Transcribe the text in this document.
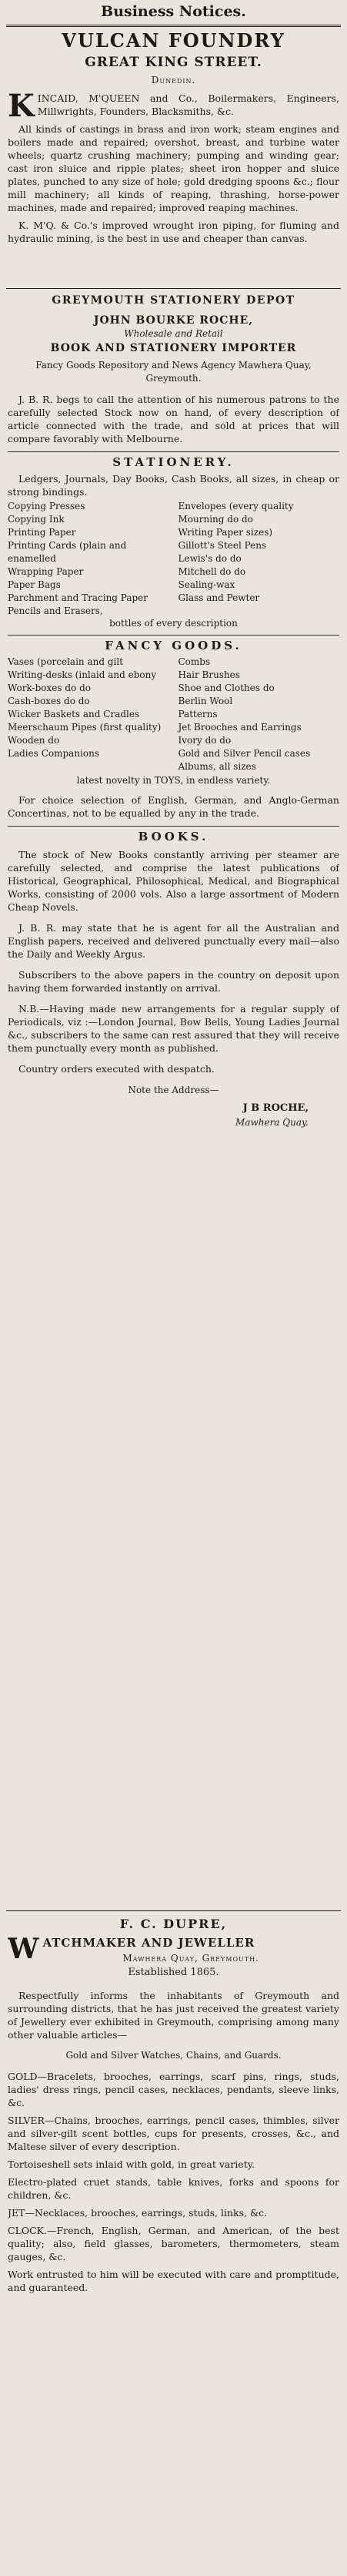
Business Notices.
VULCAN FOUNDRY
GREAT KING STREET.
Dunedin.
K INCAID, M'QUEEN and Co., Boilermakers, Engineers, Millwrights, Founders, Blacksmiths, &c.
All kinds of castings in brass and iron work; steam engines and boilers made and repaired; overshot, breast, and turbine water wheels; quartz crushing machinery; pumping and winding gear; cast iron sluice and ripple plates; sheet iron hopper and sluice plates, punched to any size of hole; gold dredging spoons &c.; flour mill machinery; all kinds of reaping, thrashing, horse-power machines, made and repaired; improved reaping machines.
K. M'Q. & Co.'s improved wrought iron piping, for fluming and hydraulic mining, is the best in use and cheaper than canvas.
GREYMOUTH STATIONERY DEPOT
JOHN BOURKE ROCHE,
Wholesale and Retail
BOOK AND STATIONERY IMPORTER
Fancy Goods Repository and News Agency Mawhera Quay, Greymouth.
J. B. R. begs to call the attention of his numerous patrons to the carefully selected Stock now on hand, of every description of article connected with the trade, and sold at prices that will compare favorably with Melbourne.
STATIONERY.
Ledgers, Journals, Day Books, Cash Books, all sizes, in cheap or strong bindings.
Copying Presses
Copying Ink
Printing Paper
Printing Cards (plain and enamelled
Wrapping Paper
Paper Bags
Parchment and Tracing Paper
Pencils and Erasers,
Envelopes (every quality
Mourning do do
Writing Paper sizes)
Gillott's Steel Pens
Lewis's do do
Mitchell do do
Sealing-wax
Glass and Pewter
bottles of every description
FANCY GOODS.
Vases (porcelain and gilt
Writing-desks (inlaid and ebony
Work-boxes do do
Cash-boxes do do
Wicker Baskets and Cradles
Meerschaum Pipes (first quality)
Wooden do
Ladies Companions
Combs
Hair Brushes
Shoe and Clothes do
Berlin Wool
Patterns
Jet Brooches and Earrings
Ivory do do
Gold and Silver Pencil cases
Albums, all sizes
latest novelty in TOYS, in endless variety.
For choice selection of English, German, and Anglo-German Concertinas, not to be equalled by any in the trade.
BOOKS.
The stock of New Books constantly arriving per steamer are carefully selected, and comprise the latest publications of Historical, Geographical, Philosophical, Medical, and Biographical Works, consisting of 2000 vols. Also a large assortment of Modern Cheap Novels.
J. B. R. may state that he is agent for all the Australian and English papers, received and delivered punctually every mail—also the Daily and Weekly Argus.
Subscribers to the above papers in the country on deposit upon having them forwarded instantly on arrival.
N.B.—Having made new arrangements for a regular supply of Periodicals, viz :—London Journal, Bow Bells, Young Ladies Journal &c., subscribers to the same can rest assured that they will receive them punctually every month as published.
Country orders executed with despatch.
Note the Address—
J B ROCHE,
Mawhera Quay.
F. C. DUPRE,
W ATCHMAKER AND JEWELLER
Mawhera Quay, Greymouth.
Established 1865.
Respectfully informs the inhabitants of Greymouth and surrounding districts, that he has just received the greatest variety of Jewellery ever exhibited in Greymouth, comprising among many other valuable articles—
Gold and Silver Watches, Chains, and Guards.
GOLD—Bracelets, brooches, earrings, scarf pins, rings, studs, ladies' dress rings, pencil cases, necklaces, pendants, sleeve links, &c.
SILVER—Chains, brooches, earrings, pencil cases, thimbles, silver and silver-gilt scent bottles, cups for presents, crosses, &c., and Maltese silver of every description.
Tortoiseshell sets inlaid with gold, in great variety.
Electro-plated cruet stands, table knives, forks and spoons for children, &c.
JET—Necklaces, brooches, earrings, studs, links, &c.
CLOCK.—French, English, German, and American, of the best quality; also, field glasses, barometers, thermometers, steam gauges, &c.
Work entrusted to him will be executed with care and promptitude, and guaranteed.
